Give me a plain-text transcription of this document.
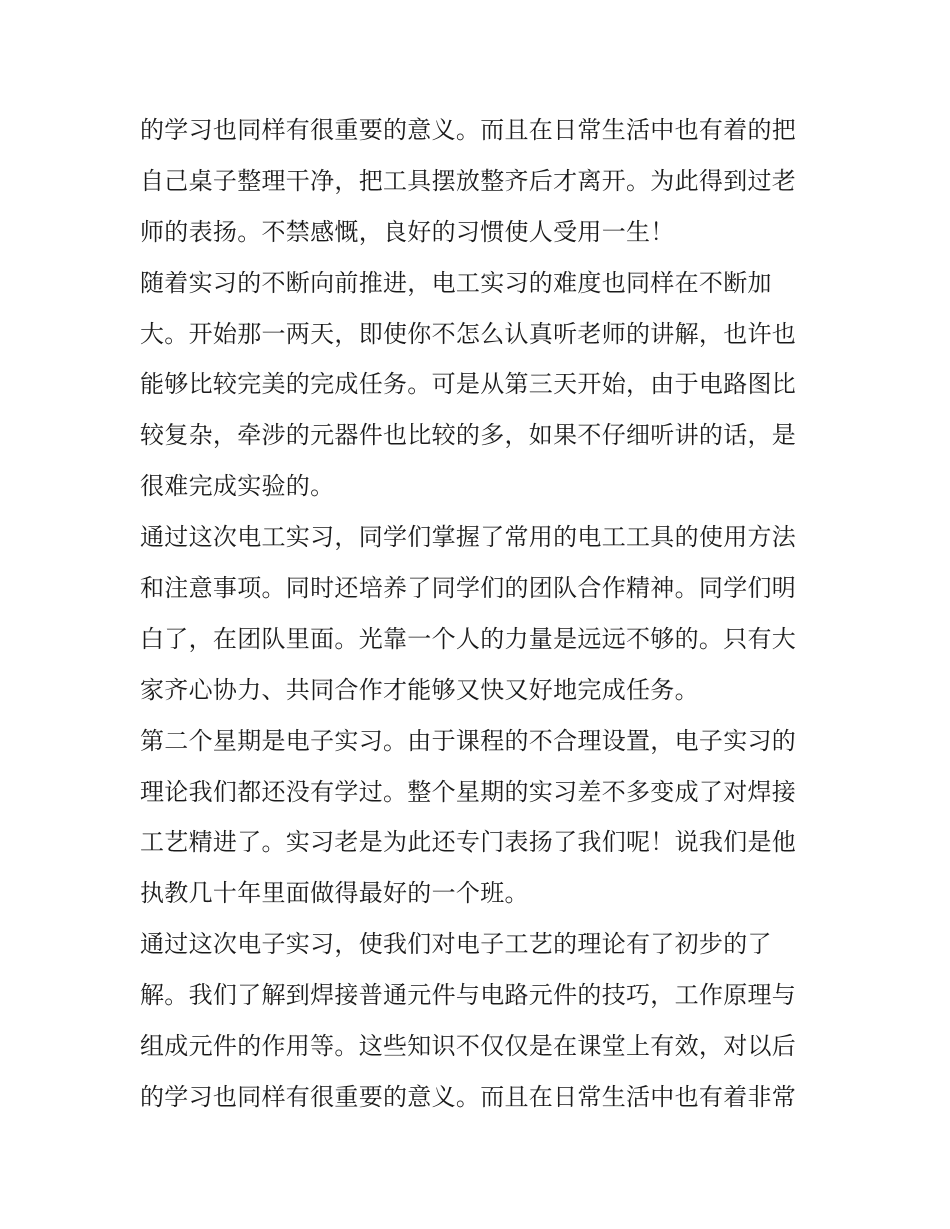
的学习也同样有很重要的意义。而且在日常生活中也有着的把
自己桌子整理干净，把工具摆放整齐后才离开。为此得到过老
师的表扬。不禁感慨，良好的习惯使人受用一生！
随着实习的不断向前推进，电工实习的难度也同样在不断加
大。开始那一两天，即使你不怎么认真听老师的讲解，也许也
能够比较完美的完成任务。可是从第三天开始，由于电路图比
较复杂，牵涉的元器件也比较的多，如果不仔细听讲的话，是
很难完成实验的。
通过这次电工实习，同学们掌握了常用的电工工具的使用方法
和注意事项。同时还培养了同学们的团队合作精神。同学们明
白了，在团队里面。光靠一个人的力量是远远不够的。只有大
家齐心协力、共同合作才能够又快又好地完成任务。
第二个星期是电子实习。由于课程的不合理设置，电子实习的
理论我们都还没有学过。整个星期的实习差不多变成了对焊接
工艺精进了。实习老是为此还专门表扬了我们呢！说我们是他
执教几十年里面做得最好的一个班。
通过这次电子实习，使我们对电子工艺的理论有了初步的了
解。我们了解到焊接普通元件与电路元件的技巧，工作原理与
组成元件的作用等。这些知识不仅仅是在课堂上有效，对以后
的学习也同样有很重要的意义。而且在日常生活中也有着非常
